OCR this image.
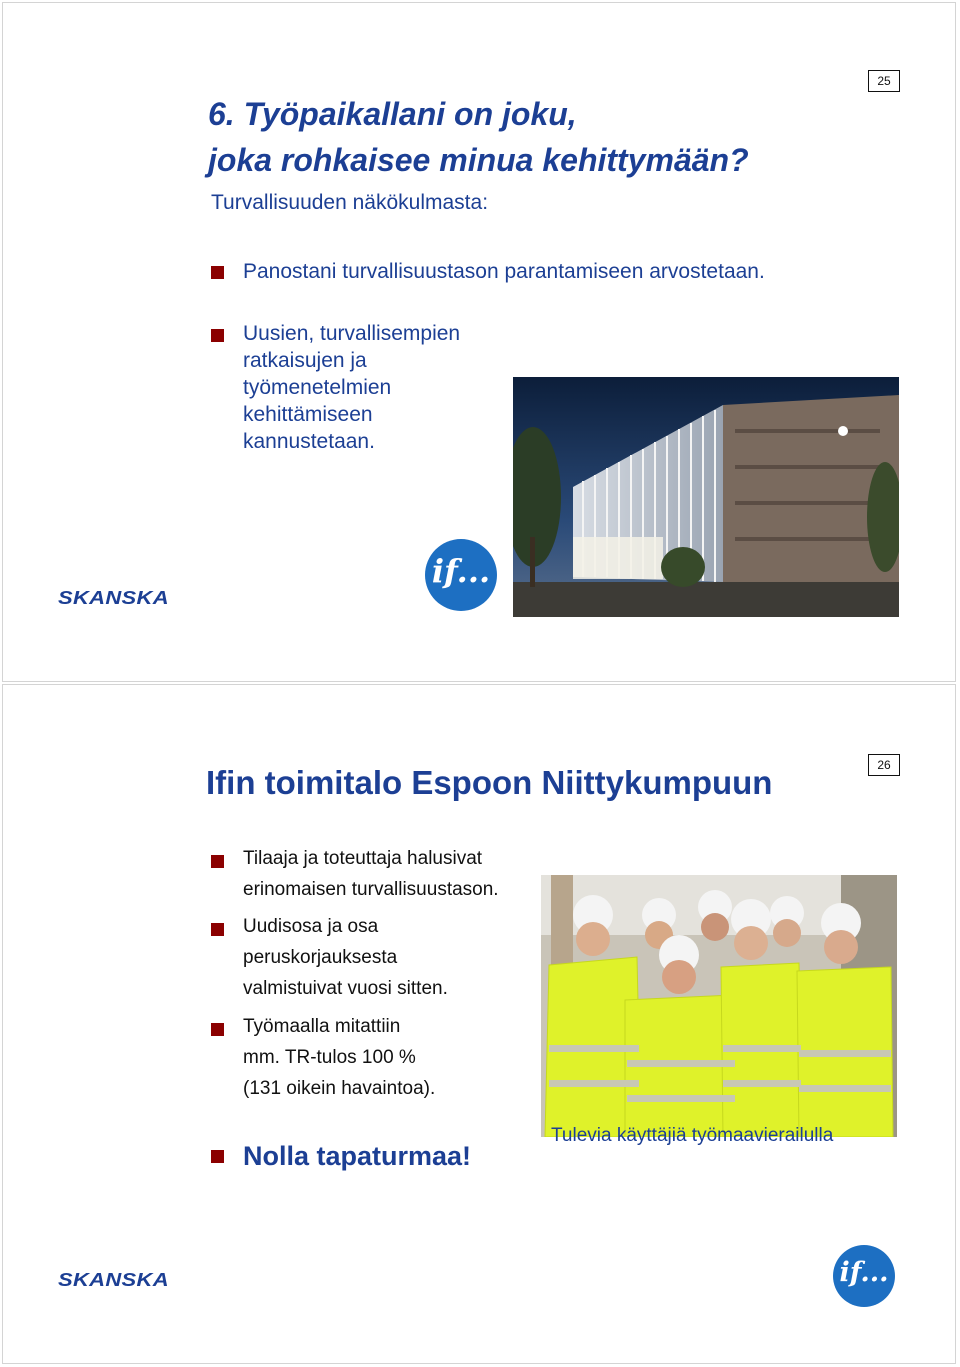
25
6. Työpaikallani on joku,
joka rohkaisee minua kehittymään?
Turvallisuuden näkökulmasta:
Panostani turvallisuustason parantamiseen arvostetaan.
Uusien, turvallisempien
ratkaisujen ja
työmenetelmien
kehittämiseen
kannustetaan.
SKANSKA
if...
26
Ifin toimitalo Espoon Niittykumpuun
Tilaaja ja toteuttaja halusivat
erinomaisen turvallisuustason.
Uudisosa ja osa
peruskorjauksesta
valmistuivat vuosi sitten.
Työmaalla mitattiin
mm. TR-tulos 100 %
(131 oikein havaintoa).
Nolla tapaturmaa!
Tulevia käyttäjiä työmaavierailulla
SKANSKA	if...
